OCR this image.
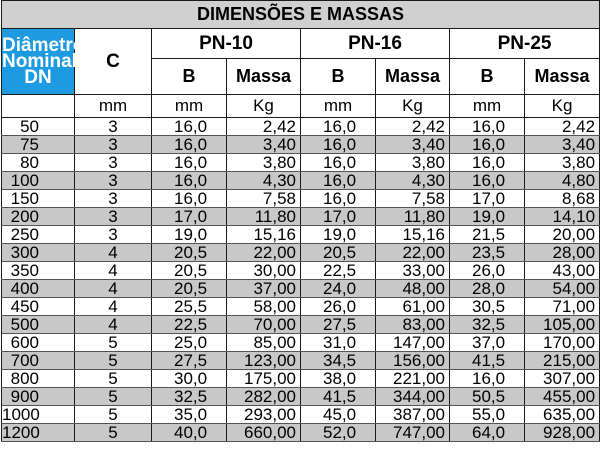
DIMENSÕES E MASSAS							
Diâmetro Nominal DN	C	PN-10		PN-16		PN-25	
		B	Massa	B	Massa	B	Massa
	mm	mm	Kg	mm	Kg	mm	Kg
50	3	16,0	2,42	16,0	2,42	16,0	2,42
75	3	16,0	3,40	16,0	3,40	16,0	3,40
80	3	16,0	3,80	16,0	3,80	16,0	3,80
100	3	16,0	4,30	16,0	4,30	16,0	4,80
150	3	16,0	7,58	16,0	7,58	17,0	8,68
200	3	17,0	11,80	17,0	11,80	19,0	14,10
250	3	19,0	15,16	19,0	15,16	21,5	20,00
300	4	20,5	22,00	20,5	22,00	23,5	28,00
350	4	20,5	30,00	22,5	33,00	26,0	43,00
400	4	20,5	37,00	24,0	48,00	28,0	54,00
450	4	25,5	58,00	26,0	61,00	30,5	71,00
500	4	22,5	70,00	27,5	83,00	32,5	105,00
600	5	25,0	85,00	31,0	147,00	37,0	170,00
700	5	27,5	123,00	34,5	156,00	41,5	215,00
800	5	30,0	175,00	38,0	221,00	16,0	307,00
900	5	32,5	282,00	41,5	344,00	50,5	455,00
1000	5	35,0	293,00	45,0	387,00	55,0	635,00
1200	5	40,0	660,00	52,0	747,00	64,0	928,00
